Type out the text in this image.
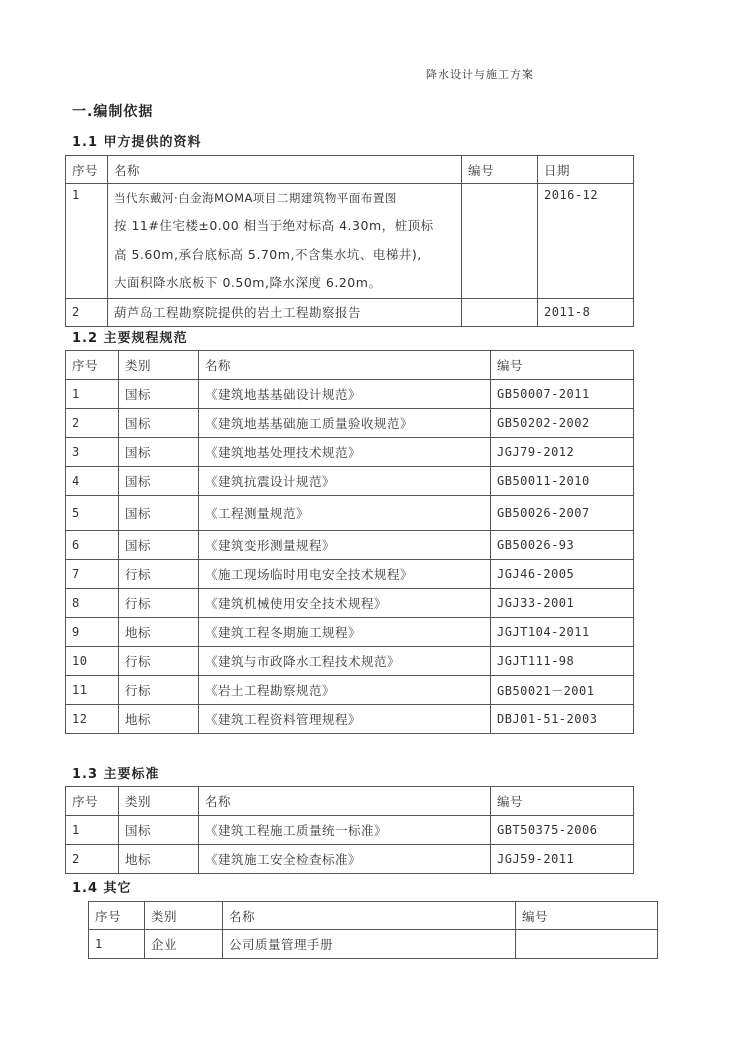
降水设计与施工方案
一.编制依据
1.1 甲方提供的资料
序号	名称	编号	日期
1	当代东戴河·白金海MOMA项目二期建筑物平面布置图
按 11#住宅楼±0.00 相当于绝对标高 4.30m，桩顶标
高 5.60m,承台底标高 5.70m,不含集水坑、电梯井),
大面积降水底板下 0.50m,降水深度 6.20m。		2016-12
2	葫芦岛工程勘察院提供的岩土工程勘察报告		2011-8
1.2 主要规程规范
序号	类别	名称	编号
1	国标	《建筑地基基础设计规范》	GB50007-2011
2	国标	《建筑地基基础施工质量验收规范》	GB50202-2002
3	国标	《建筑地基处理技术规范》	JGJ79-2012
4	国标	《建筑抗震设计规范》	GB50011-2010
5	国标	《工程测量规范》	GB50026-2007
6	国标	《建筑变形测量规程》	GB50026-93
7	行标	《施工现场临时用电安全技术规程》	JGJ46-2005
8	行标	《建筑机械使用安全技术规程》	JGJ33-2001
9	地标	《建筑工程冬期施工规程》	JGJT104-2011
10	行标	《建筑与市政降水工程技术规范》	JGJT111-98
11	行标	《岩土工程勘察规范》	GB50021－2001
12	地标	《建筑工程资料管理规程》	DBJ01-51-2003
1.3 主要标准
序号	类别	名称	编号
1	国标	《建筑工程施工质量统一标准》	GBT50375-2006
2	地标	《建筑施工安全检查标准》	JGJ59-2011
1.4 其它
序号	类别	名称	编号
1	企业	公司质量管理手册	
